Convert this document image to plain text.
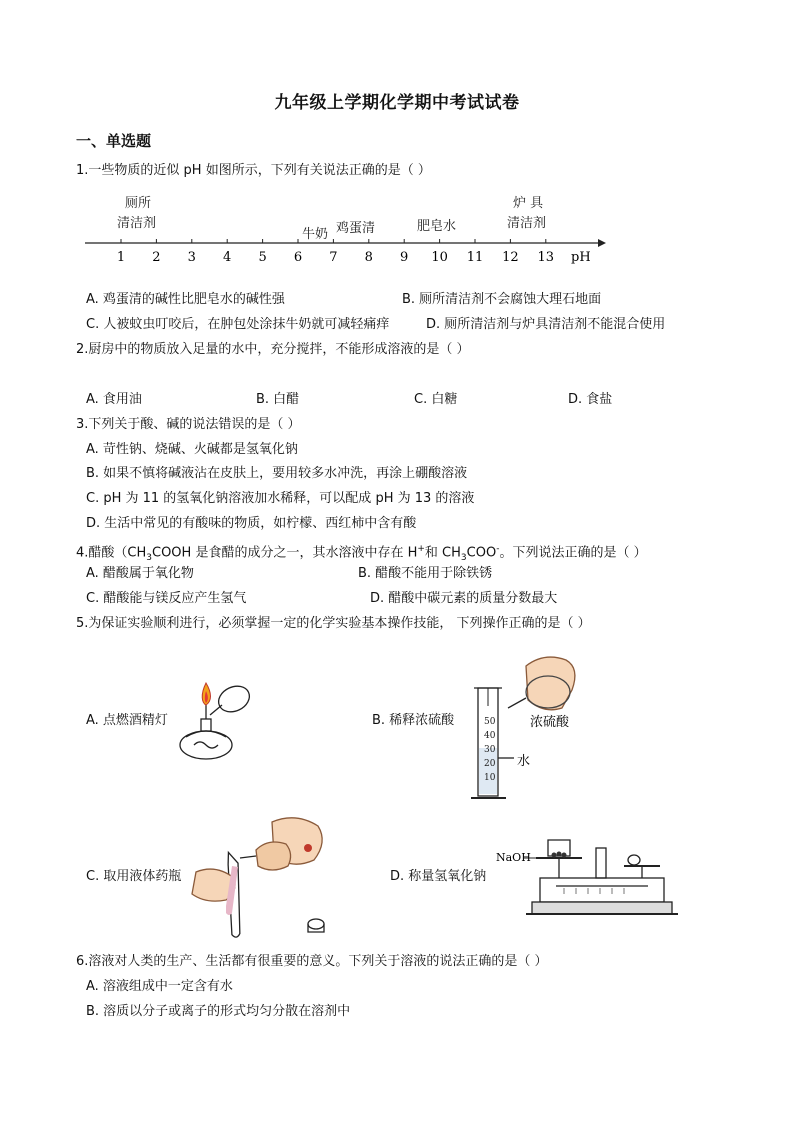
九年级上学期化学期中考试试卷
一、单选题
1.一些物质的近似 pH 如图所示，下列有关说法正确的是（ ）
1 2 3 4 5 6 7 8 9 10 11 12 13 pH
厕所
清洁剂
牛奶 鸡蛋清	肥皂水
炉 具
清洁剂
A. 鸡蛋清的碱性比肥皂水的碱性强	B. 厕所清洁剂不会腐蚀大理石地面
C. 人被蚊虫叮咬后，在肿包处涂抹牛奶就可减轻痛痒	D. 厕所清洁剂与炉具清洁剂不能混合使用
2.厨房中的物质放入足量的水中，充分搅拌，不能形成溶液的是（ ）
A. 食用油	B. 白醋	C. 白糖	D. 食盐
3.下列关于酸、碱的说法错误的是（ ）
A. 苛性钠、烧碱、火碱都是氢氧化钠
B. 如果不慎将碱液沾在皮肤上，要用较多水冲洗，再涂上硼酸溶液
C. pH 为 11 的氢氧化钠溶液加水稀释，可以配成 pH 为 13 的溶液
D. 生活中常见的有酸味的物质，如柠檬、西红柿中含有酸
4.醋酸（$CH_3COOH$ 是食醋的成分之一，其水溶液中存在 H+和 $CH_3COO^-$。下列说法正确的是（ ）
A. 醋酸属于氧化物	B. 醋酸不能用于除铁锈
C. 醋酸能与镁反应产生氢气	D. 醋酸中碳元素的质量分数最大
5.为保证实验顺利进行，必须掌握一定的化学实验基本操作技能， 下列操作正确的是（ ）
A. 点燃酒精灯	B. 稀释浓硫酸	50
40
30
20
10
浓硫酸
水
C. 取用液体药瓶	D. 称量氢氧化钠
NaOH
6.溶液对人类的生产、生活都有很重要的意义。下列关于溶液的说法正确的是（ ）
A. 溶液组成中一定含有水
B. 溶质以分子或离子的形式均匀分散在溶剂中
